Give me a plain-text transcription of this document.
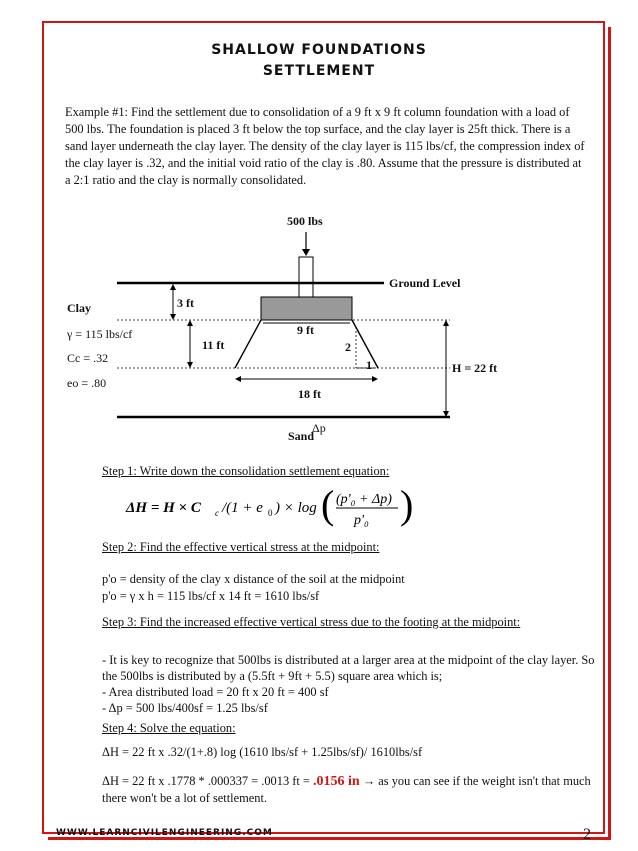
SHALLOW FOUNDATIONS
SETTLEMENT
Example #1: Find the settlement due to consolidation of a 9 ft x 9 ft column foundation with a load of 500 lbs. The foundation is placed 3 ft below the top surface, and the clay layer is 25ft thick. There is a sand layer underneath the clay layer. The density of the clay layer is 115 lbs/cf, the compression index of the clay layer is .32, and the initial void ratio of the clay is .80. Assume that the pressure is distributed at a 2:1 ratio and the clay is normally consolidated.
500 lbs
Ground Level
3 ft
9 ft
11 ft	2
1	H = 22 ft
18 ft
Sand
Δp
Clay
γ = 115 lbs/cf
Cc = .32
eo = .80
Step 1: Write down the consolidation settlement equation:
ΔH = H × C c /(1 + e 0 ) × log ( (p'₀ + Δp)
p'₀ )
Step 2: Find the effective vertical stress at the midpoint:
p'o = density of the clay x distance of the soil at the midpoint
p'o = γ x h = 115 lbs/cf x 14 ft = 1610 lbs/sf
Step 3: Find the increased effective vertical stress due to the footing at the midpoint:
- It is key to recognize that 500lbs is distributed at a larger area at the midpoint of the clay layer. So the 500lbs is distributed by a (5.5ft + 9ft + 5.5) square area which is;
- Area distributed load = 20 ft x 20 ft = 400 sf
- Δp = 500 lbs/400sf = 1.25 lbs/sf
Step 4: Solve the equation:
ΔH = 22 ft x .32/(1+.8) log (1610 lbs/sf + 1.25lbs/sf)/ 1610lbs/sf
ΔH = 22 ft x .1778 * .000337 = .0013 ft = .0156 in → as you can see if the weight isn't that much there won't be a lot of settlement.
WWW.LEARNCIVILENGINEERING.COM	2
